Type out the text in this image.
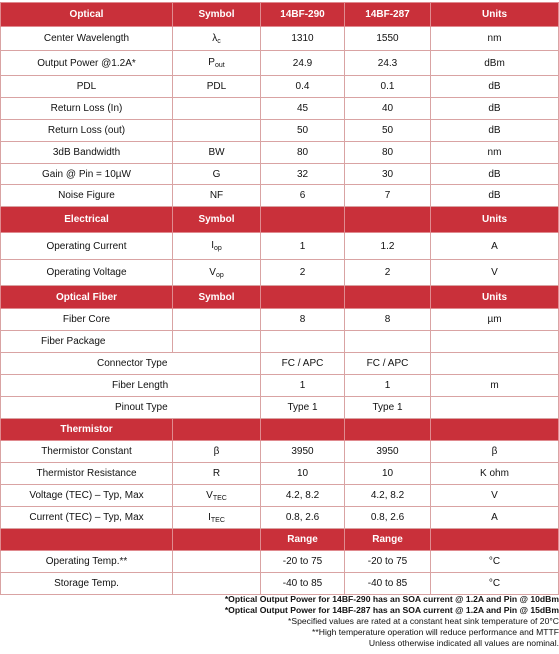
Optical	Symbol	14BF-290	14BF-287	Units
Center Wavelength	$\lambda_c$	1310	1550	nm
Output Power @1.2A*	$P_{out}$	24.9	24.3	dBm
PDL	PDL	0.4	0.1	dB
Return Loss (In)		45	40	dB
Return Loss (out)		50	50	dB
3dB Bandwidth	BW	80	80	nm
Gain @ Pin = 10µW	G	32	30	dB
Noise Figure	NF	6	7	dB
Electrical	Symbol			Units
Operating Current	$I_{op}$	1	1.2	A
Operating Voltage	$V_{op}$	2	2	V
Optical Fiber	Symbol			Units
Fiber Core		8	8	µm
Fiber Package				
Connector Type		FC / APC	FC / APC	
Fiber Length		1	1	m
Pinout Type		Type 1	Type 1	
Thermistor				
Thermistor Constant	β	3950	3950	β
Thermistor Resistance	R	10	10	K ohm
Voltage (TEC) – Typ, Max	$V_{TEC}$	4.2, 8.2	4.2, 8.2	V
Current (TEC) – Typ, Max	$I_{TEC}$	0.8, 2.6	0.8, 2.6	A
		Range	Range	
Operating Temp.**		-20 to 75	-20 to 75	°C
Storage Temp.		-40 to 85	-40 to 85	°C
*Optical Output Power for 14BF-290 has an SOA current @ 1.2A and Pin @ 10dBm
*Optical Output Power for 14BF-287 has an SOA current @ 1.2A and Pin @ 15dBm
*Specified values are rated at a constant heat sink temperature of 20°C
**High temperature operation will reduce performance and MTTF
Unless otherwise indicated all values are nominal.
